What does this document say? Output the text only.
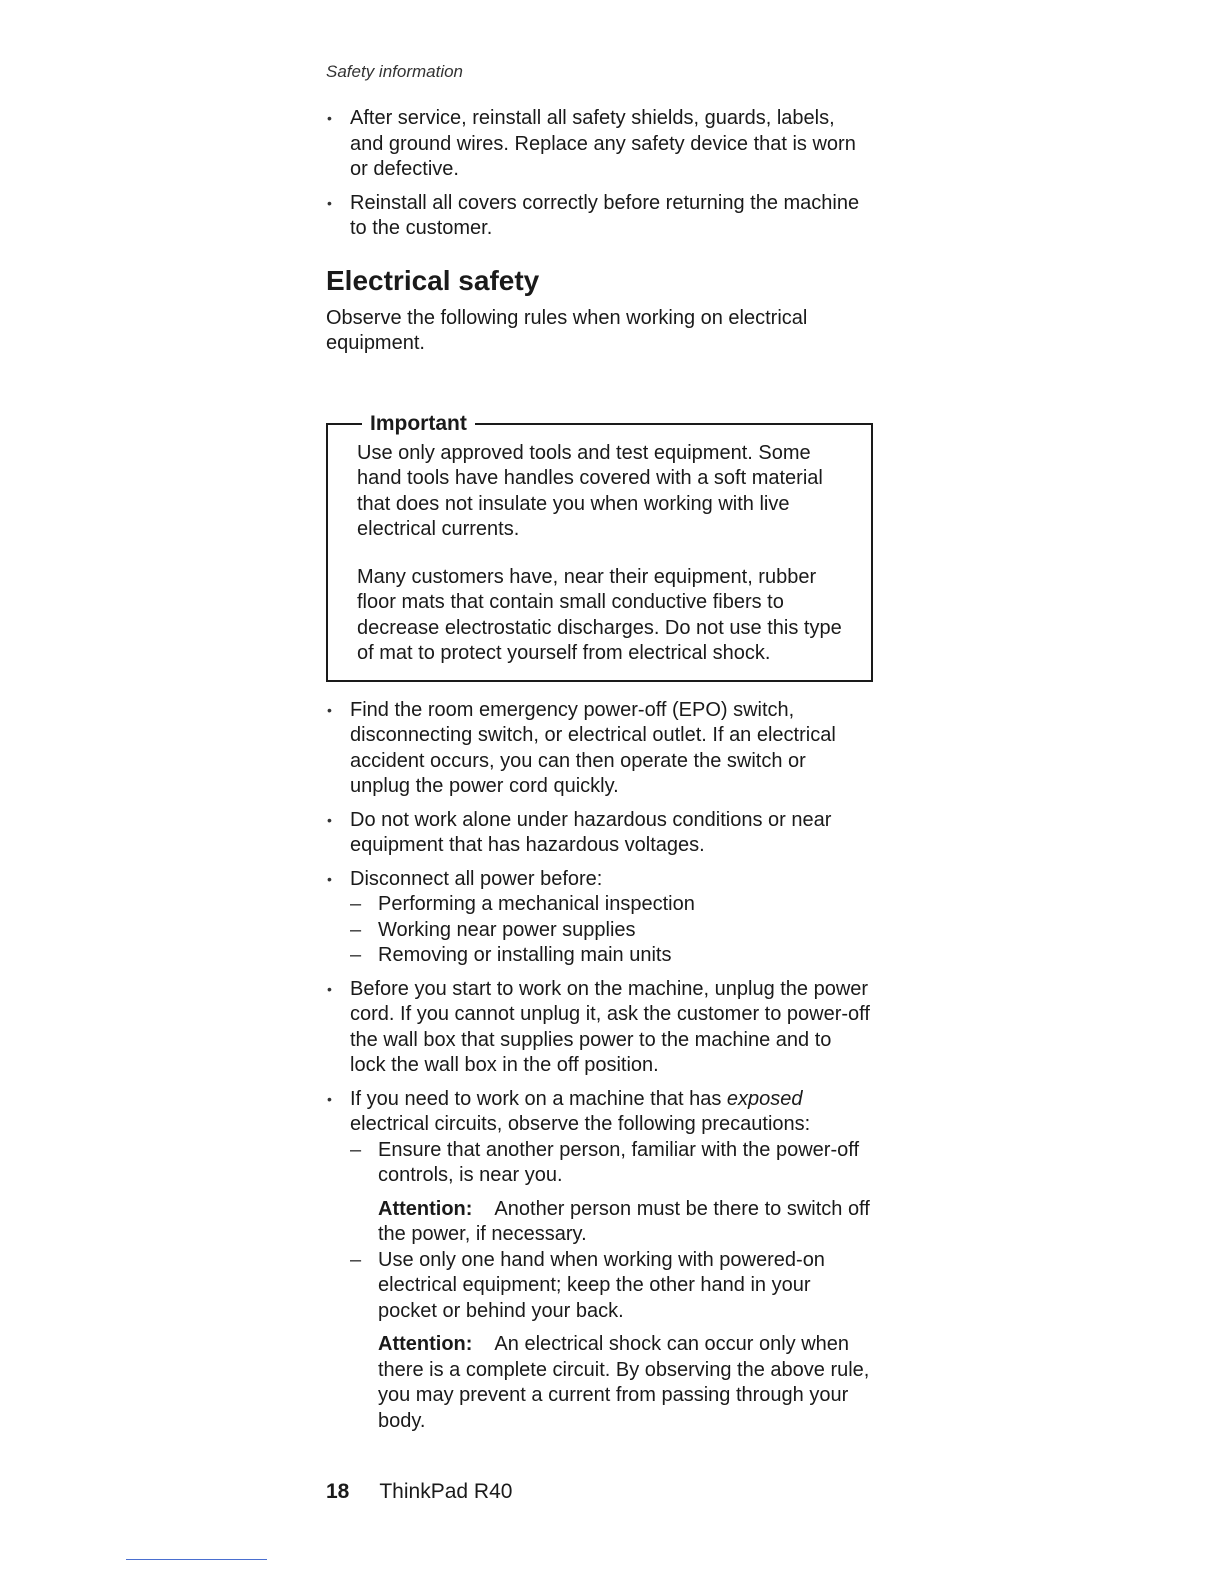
Safety information
• After service, reinstall all safety shields, guards, labels, and ground wires. Replace any safety device that is worn or defective.
• Reinstall all covers correctly before returning the machine to the customer.
Electrical safety

Observe the following rules when working on electrical equipment.

Important

Use only approved tools and test equipment. Some hand tools have handles covered with a soft material that does not insulate you when working with live electrical currents.

Many customers have, near their equipment, rubber floor mats that contain small conductive fibers to decrease electrostatic discharges. Do not use this type of mat to protect yourself from electrical shock.

• Find the room emergency power-off (EPO) switch, disconnecting switch, or electrical outlet. If an electrical accident occurs, you can then operate the switch or unplug the power cord quickly.
• Do not work alone under hazardous conditions or near equipment that has hazardous voltages.
• Disconnect all power before:
– Performing a mechanical inspection
– Working near power supplies
– Removing or installing main units
• Before you start to work on the machine, unplug the power cord. If you cannot unplug it, ask the customer to power-off the wall box that supplies power to the machine and to lock the wall box in the off position.
• If you need to work on a machine that has exposed electrical circuits, observe the following precautions:
– Ensure that another person, familiar with the power-off controls, is near you.
Attention: Another person must be there to switch off the power, if necessary.
– Use only one hand when working with powered-on electrical equipment; keep the other hand in your pocket or behind your back.
Attention: An electrical shock can occur only when there is a complete circuit. By observing the above rule, you may prevent a current from passing through your body.
18 ThinkPad R40
